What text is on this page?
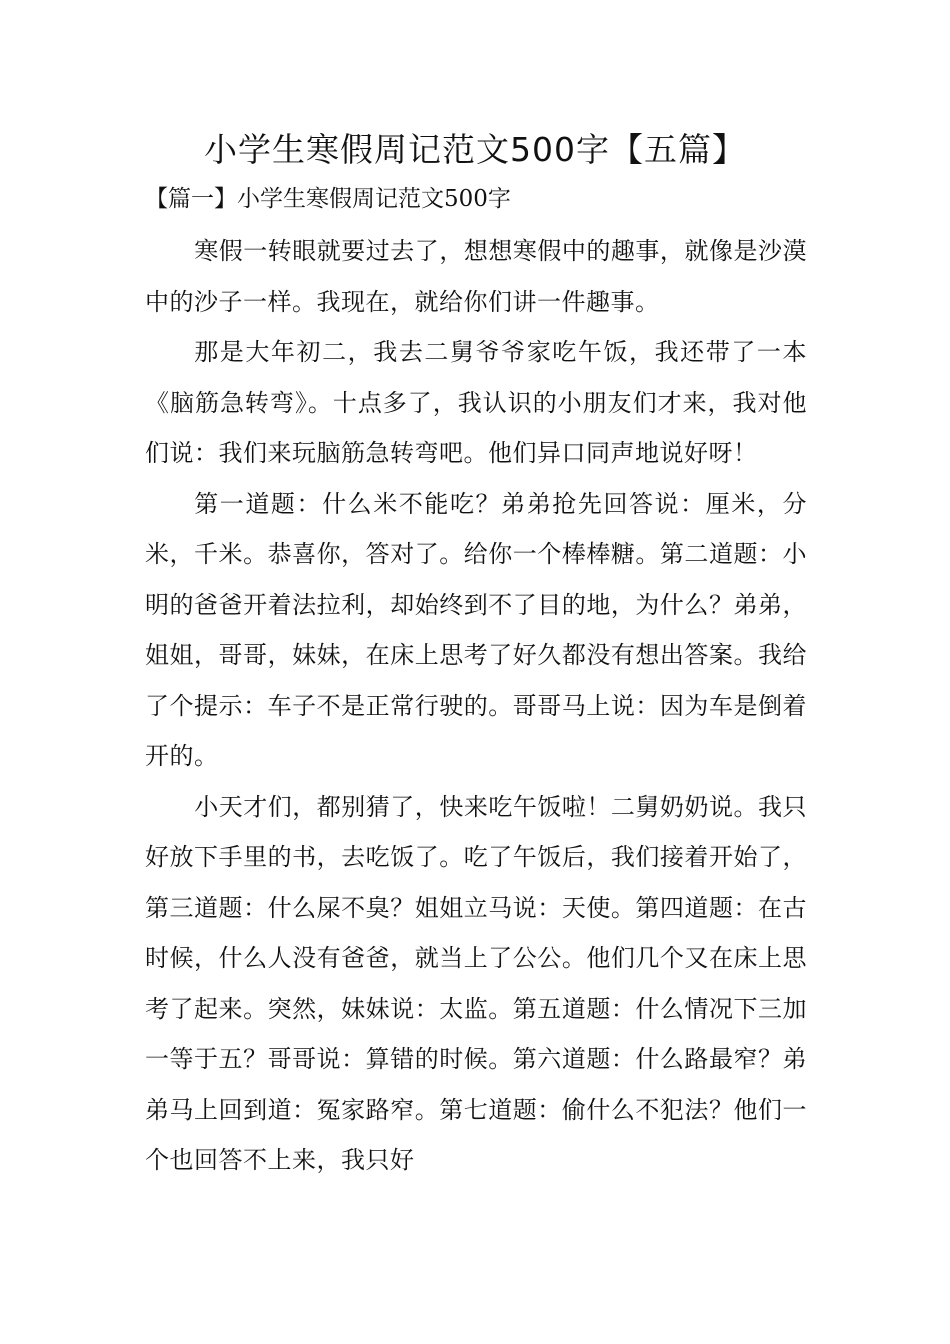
小学生寒假周记范文500字【五篇】
【篇一】小学生寒假周记范文500字

寒假一转眼就要过去了，想想寒假中的趣事，就像是沙漠中的沙子一样。我现在，就给你们讲一件趣事。

那是大年初二，我去二舅爷爷家吃午饭，我还带了一本《脑筋急转弯》。十点多了，我认识的小朋友们才来，我对他们说：我们来玩脑筋急转弯吧。他们异口同声地说好呀！

第一道题：什么米不能吃？弟弟抢先回答说：厘米，分米，千米。恭喜你，答对了。给你一个棒棒糖。第二道题：小明的爸爸开着法拉利，却始终到不了目的地，为什么？弟弟，姐姐，哥哥，妹妹，在床上思考了好久都没有想出答案。我给了个提示：车子不是正常行驶的。哥哥马上说：因为车是倒着开的。

小天才们，都别猜了，快来吃午饭啦！二舅奶奶说。我只好放下手里的书，去吃饭了。吃了午饭后，我们接着开始了，第三道题：什么屎不臭？姐姐立马说：天使。第四道题：在古时候，什么人没有爸爸，就当上了公公。他们几个又在床上思考了起来。突然，妹妹说：太监。第五道题：什么情况下三加一等于五？哥哥说：算错的时候。第六道题：什么路最窄？弟弟马上回到道：冤家路窄。第七道题：偷什么不犯法？他们一个也回答不上来，我只好
